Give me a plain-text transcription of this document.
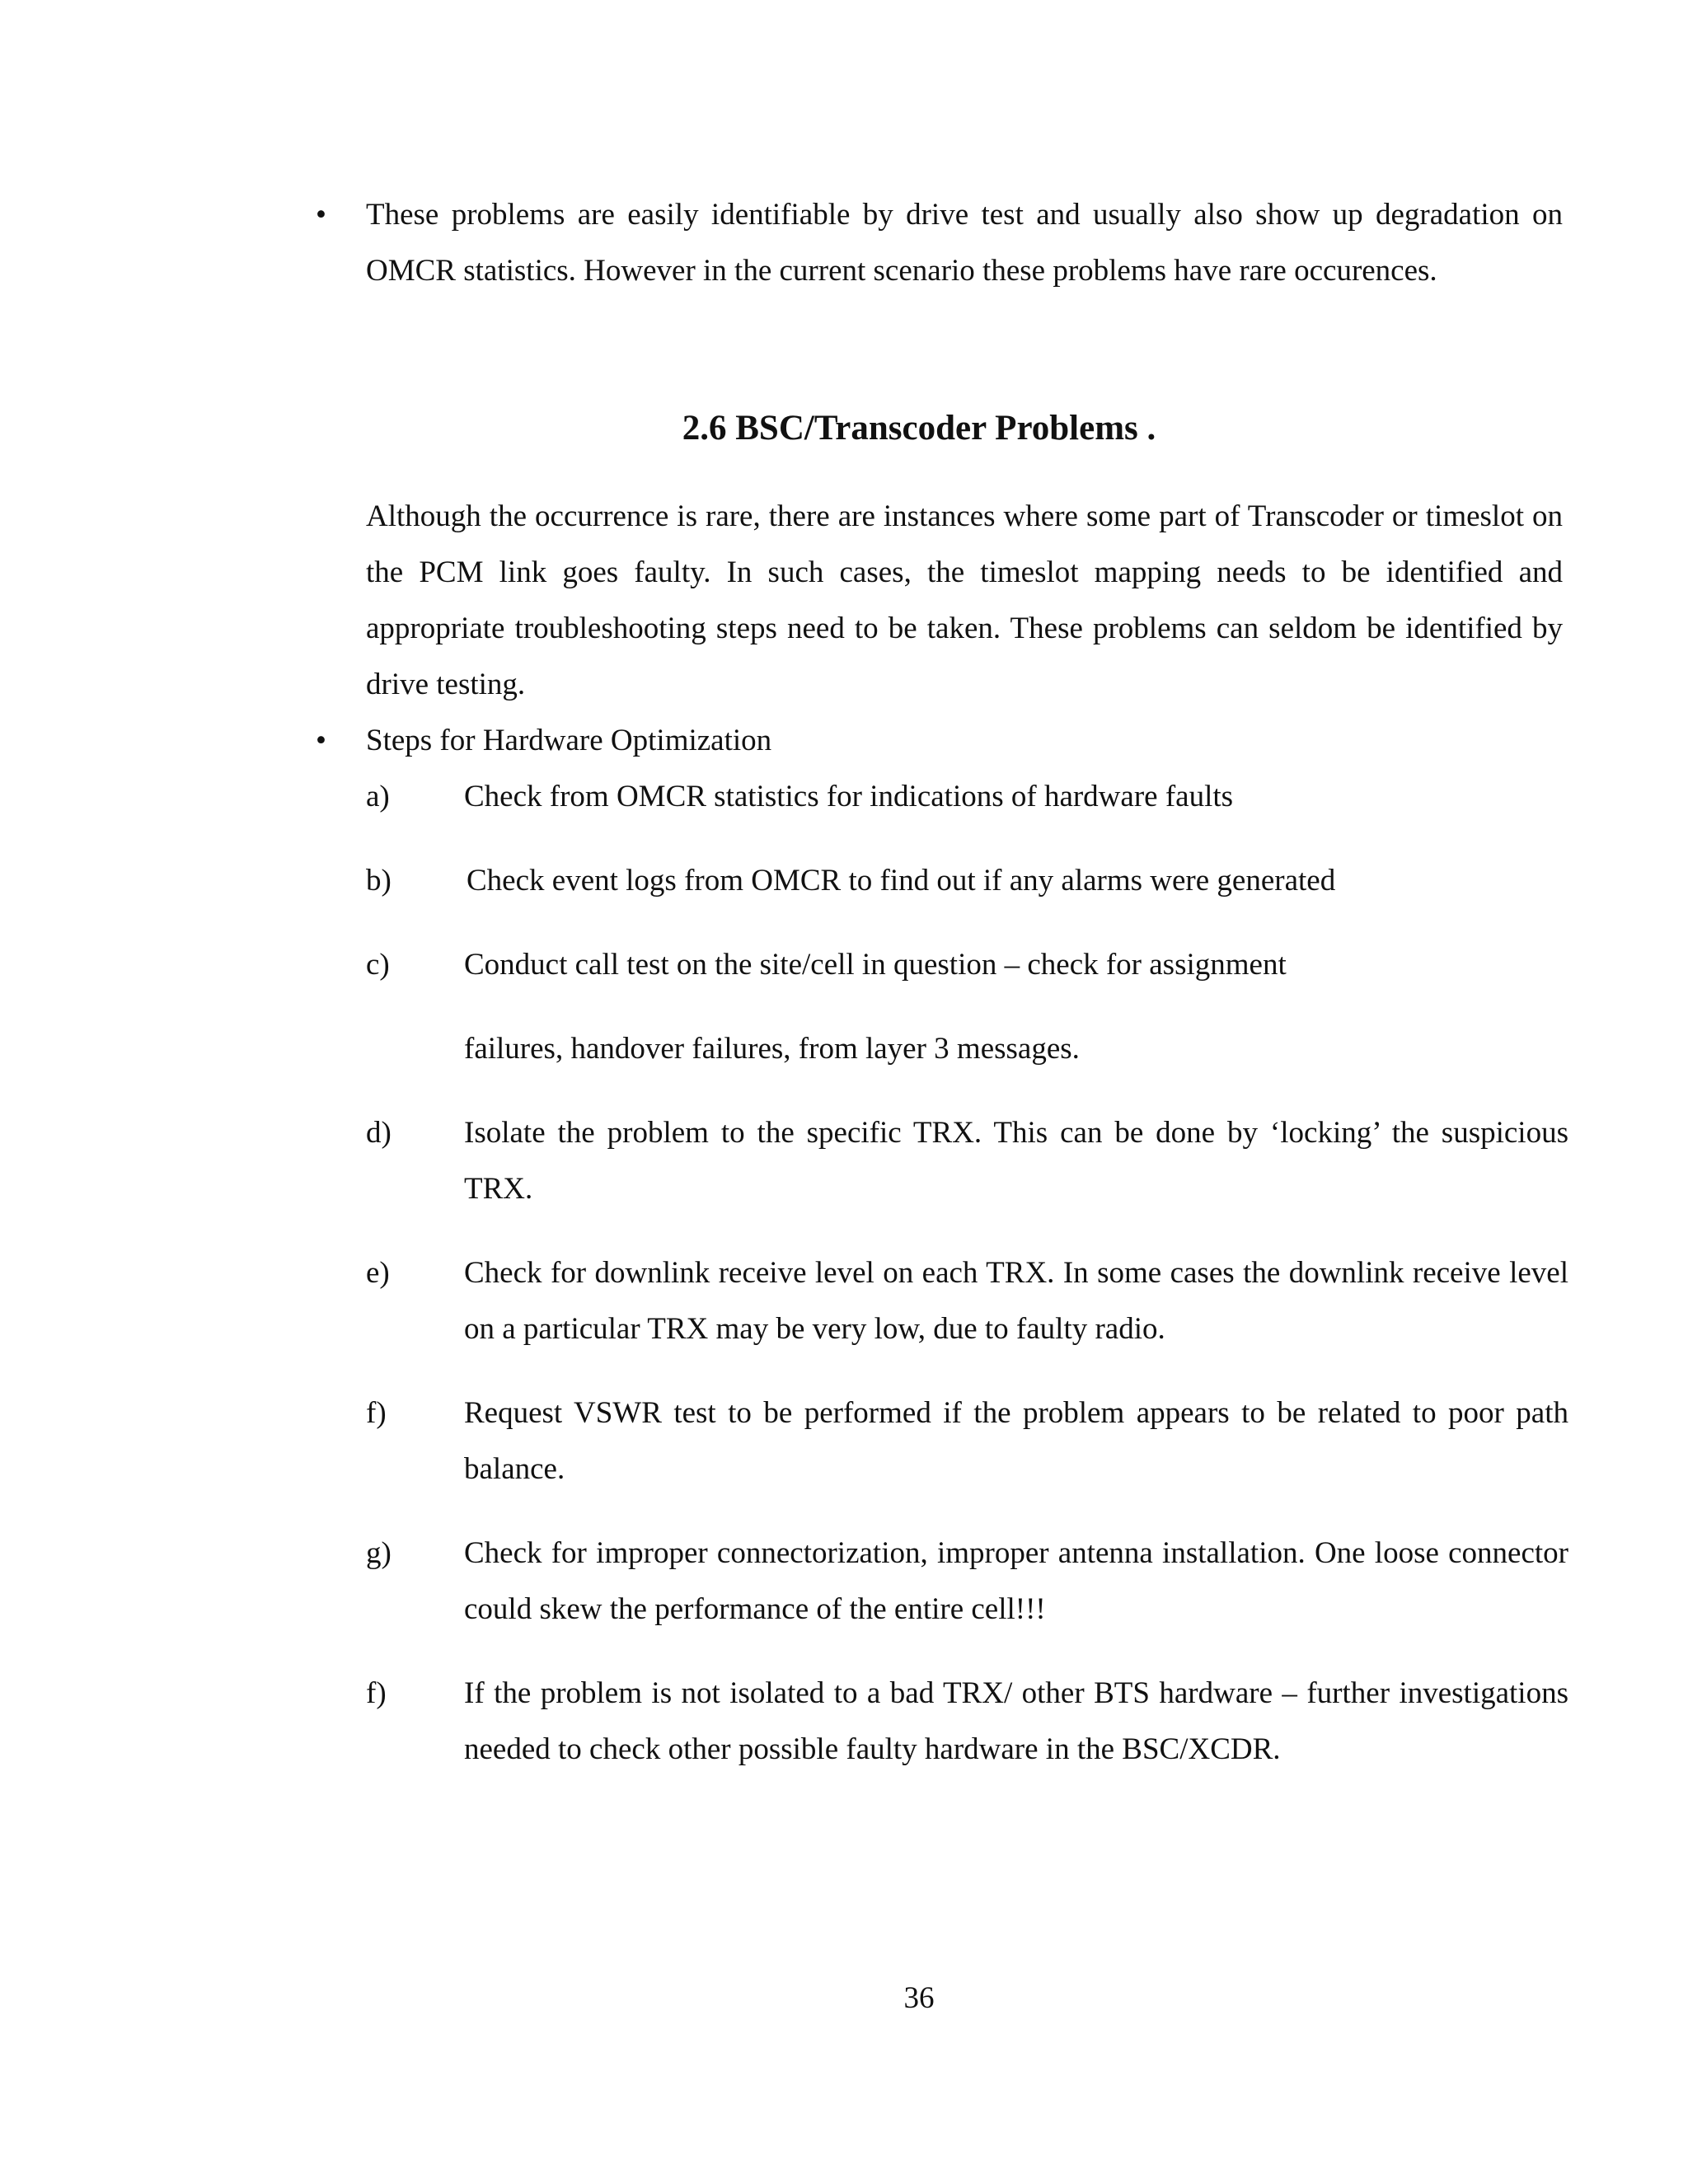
• These problems are easily identifiable by drive test and usually also show up degradation on OMCR statistics. However in the current scenario these problems have rare occurences.

2.6 BSC/Transcoder Problems .

Although the occurrence is rare, there are instances where some part of Transcoder or timeslot on the PCM link goes faulty. In such cases, the timeslot mapping needs to be identified and appropriate troubleshooting steps need to be taken. These problems can seldom be identified by drive testing.

• Steps for Hardware Optimization

a) Check from OMCR statistics for indications of hardware faults

b) Check event logs from OMCR to find out if any alarms were generated

c) Conduct call test on the site/cell in question – check for assignment

failures, handover failures, from layer 3 messages.

d) Isolate the problem to the specific TRX. This can be done by ‘locking’ the suspicious TRX.

e) Check for downlink receive level on each TRX. In some cases the downlink receive level on a particular TRX may be very low, due to faulty radio.

f)	Request VSWR test to be performed if the problem appears to be related to poor path balance.

g) Check for improper connectorization, improper antenna installation. One loose connector could skew the performance of the entire cell!!!

f)	If the problem is not isolated to a bad TRX/ other BTS hardware – further investigations needed to check other possible faulty hardware in the BSC/XCDR.

36
